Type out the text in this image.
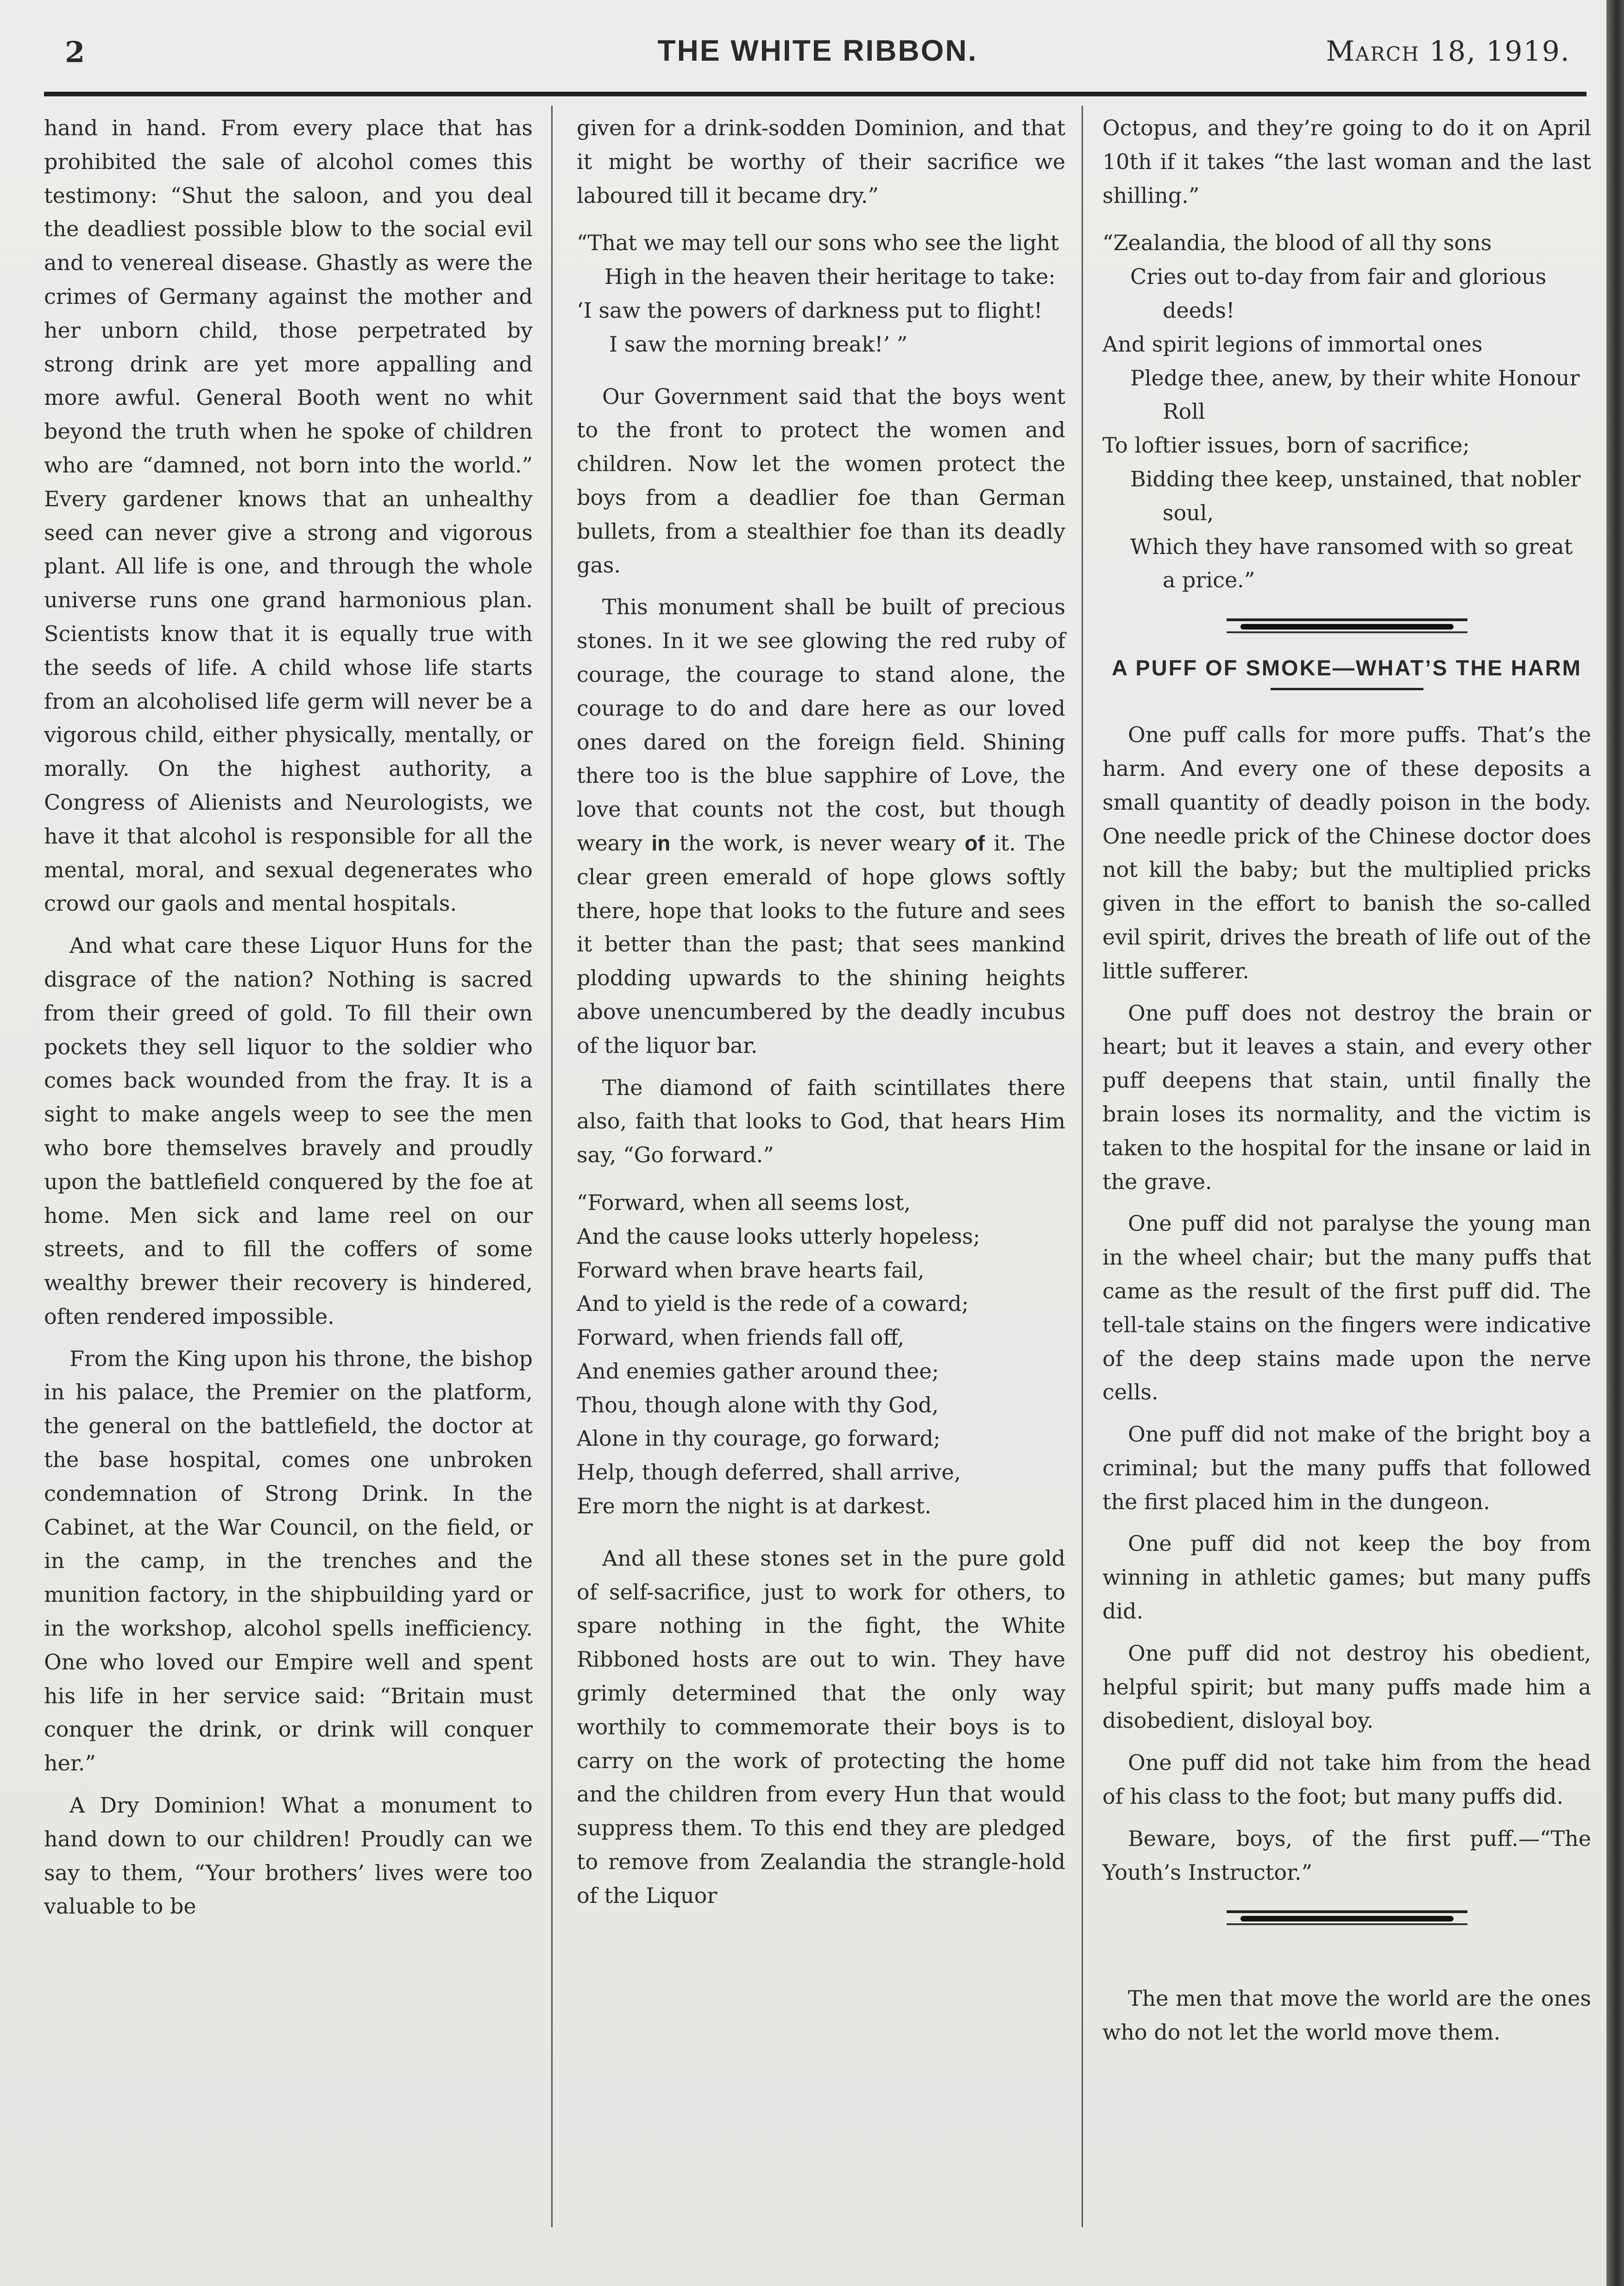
2	THE WHITE RIBBON.	March 18, 1919.

hand in hand. From every place that has prohibited the sale of alcohol comes this testimony: “Shut the saloon, and you deal the deadliest possible blow to the social evil and to venereal disease. Ghastly as were the crimes of Germany against the mother and her unborn child, those perpetrated by strong drink are yet more appalling and more awful. General Booth went no whit beyond the truth when he spoke of children who are “damned, not born into the world.” Every gardener knows that an unhealthy seed can never give a strong and vigorous plant. All life is one, and through the whole universe runs one grand harmonious plan. Scientists know that it is equally true with the seeds of life. A child whose life starts from an alcoholised life germ will never be a vigorous child, either physically, mentally, or morally. On the highest authority, a Congress of Alienists and Neurologists, we have it that alcohol is responsible for all the mental, moral, and sexual degenerates who crowd our gaols and mental hospitals.

And what care these Liquor Huns for the disgrace of the nation? Nothing is sacred from their greed of gold. To fill their own pockets they sell liquor to the soldier who comes back wounded from the fray. It is a sight to make angels weep to see the men who bore themselves bravely and proudly upon the battlefield conquered by the foe at home. Men sick and lame reel on our streets, and to fill the coffers of some wealthy brewer their recovery is hindered, often rendered impossible.

From the King upon his throne, the bishop in his palace, the Premier on the platform, the general on the battlefield, the doctor at the base hospital, comes one unbroken condemnation of Strong Drink. In the Cabinet, at the War Council, on the field, or in the camp, in the trenches and the munition factory, in the shipbuilding yard or in the workshop, alcohol spells inefficiency. One who loved our Empire well and spent his life in her service said: “Britain must conquer the drink, or drink will conquer her.”

A Dry Dominion! What a monument to hand down to our children! Proudly can we say to them, “Your brothers’ lives were too valuable to be

given for a drink-sodden Dominion, and that it might be worthy of their sacrifice we laboured till it became dry.”

“That we may tell our sons who see the light
High in the heaven their heritage to take:
‘I saw the powers of darkness put to flight!
I saw the morning break!’ ”

Our Government said that the boys went to the front to protect the women and children. Now let the women protect the boys from a deadlier foe than German bullets, from a stealthier foe than its deadly gas.

This monument shall be built of precious stones. In it we see glowing the red ruby of courage, the courage to stand alone, the courage to do and dare here as our loved ones dared on the foreign field. Shining there too is the blue sapphire of Love, the love that counts not the cost, but though weary in the work, is never weary of it. The clear green emerald of hope glows softly there, hope that looks to the future and sees it better than the past; that sees mankind plodding upwards to the shining heights above unencumbered by the deadly incubus of the liquor bar.

The diamond of faith scintillates there also, faith that looks to God, that hears Him say, “Go forward.”

“Forward, when all seems lost,
And the cause looks utterly hopeless;
Forward when brave hearts fail,
And to yield is the rede of a coward;
Forward, when friends fall off,
And enemies gather around thee;
Thou, though alone with thy God,
Alone in thy courage, go forward;
Help, though deferred, shall arrive,
Ere morn the night is at darkest.

And all these stones set in the pure gold of self-sacrifice, just to work for others, to spare nothing in the fight, the White Ribboned hosts are out to win. They have grimly determined that the only way worthily to commemorate their boys is to carry on the work of protecting the home and the children from every Hun that would suppress them. To this end they are pledged to remove from Zealandia the strangle-hold of the Liquor

Octopus, and they’re going to do it on April 10th if it takes “the last woman and the last shilling.”

“Zealandia, the blood of all thy sons
Cries out to-day from fair and glorious deeds!
And spirit legions of immortal ones
Pledge thee, anew, by their white Honour Roll
To loftier issues, born of sacrifice;
Bidding thee keep, unstained, that nobler soul,
Which they have ransomed with so great a price.”
A PUFF OF SMOKE—WHAT’S THE HARM

One puff calls for more puffs. That’s the harm. And every one of these deposits a small quantity of deadly poison in the body. One needle prick of the Chinese doctor does not kill the baby; but the multiplied pricks given in the effort to banish the so-called evil spirit, drives the breath of life out of the little sufferer.

One puff does not destroy the brain or heart; but it leaves a stain, and every other puff deepens that stain, until finally the brain loses its normality, and the victim is taken to the hospital for the insane or laid in the grave.

One puff did not paralyse the young man in the wheel chair; but the many puffs that came as the result of the first puff did. The tell-tale stains on the fingers were indicative of the deep stains made upon the nerve cells.

One puff did not make of the bright boy a criminal; but the many puffs that followed the first placed him in the dungeon.

One puff did not keep the boy from winning in athletic games; but many puffs did.

One puff did not destroy his obedient, helpful spirit; but many puffs made him a disobedient, disloyal boy.

One puff did not take him from the head of his class to the foot; but many puffs did.

Beware, boys, of the first puff.—“The Youth’s Instructor.”

The men that move the world are the ones who do not let the world move them.
